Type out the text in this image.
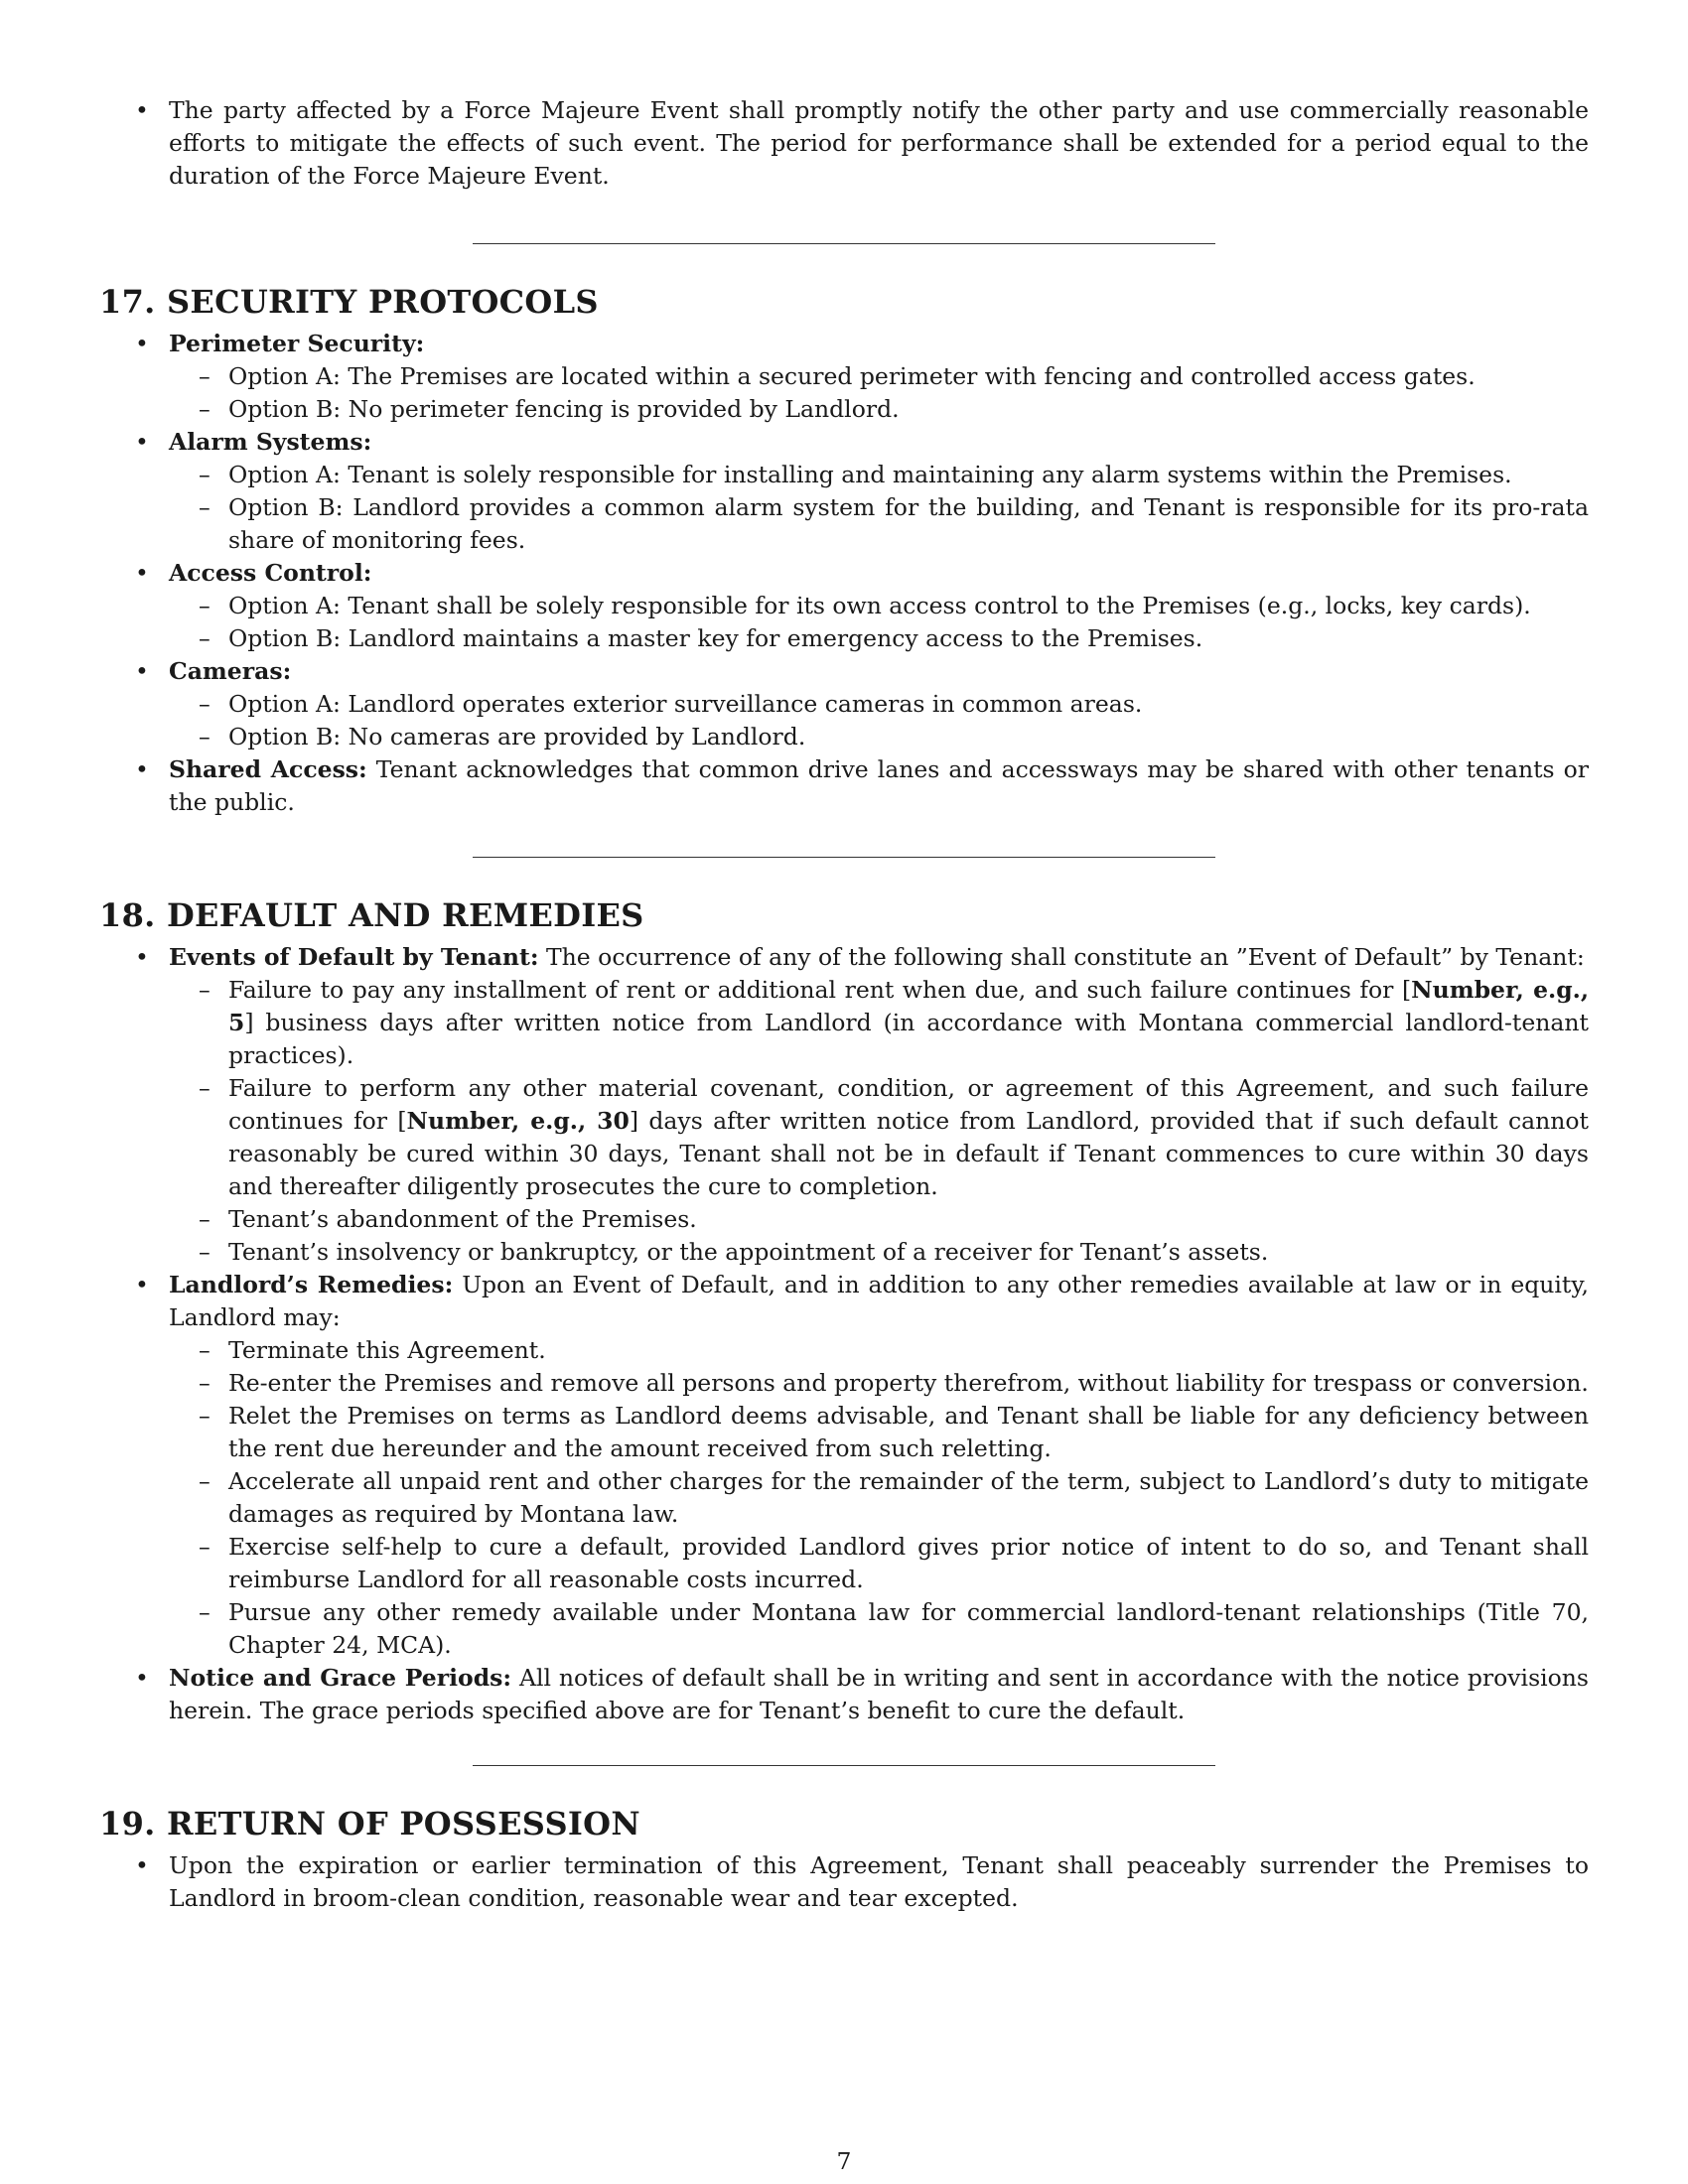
• The party affected by a Force Majeure Event shall promptly notify the other party and use commercially reasonable efforts to mitigate the effects of such event. The period for performance shall be extended for a period equal to the duration of the Force Majeure Event.
17. SECURITY PROTOCOLS
• Perimeter Security:
– Option A: The Premises are located within a secured perimeter with fencing and controlled access gates.
– Option B: No perimeter fencing is provided by Landlord.
• Alarm Systems:
– Option A: Tenant is solely responsible for installing and maintaining any alarm systems within the Premises.
– Option B: Landlord provides a common alarm system for the building, and Tenant is responsible for its pro-rata share of monitoring fees.
• Access Control:
– Option A: Tenant shall be solely responsible for its own access control to the Premises (e.g., locks, key cards).
– Option B: Landlord maintains a master key for emergency access to the Premises.
• Cameras:
– Option A: Landlord operates exterior surveillance cameras in common areas.
– Option B: No cameras are provided by Landlord.
• Shared Access: Tenant acknowledges that common drive lanes and accessways may be shared with other tenants or the public.
18. DEFAULT AND REMEDIES
• Events of Default by Tenant: The occurrence of any of the following shall constitute an ”Event of Default” by Tenant:
– Failure to pay any installment of rent or additional rent when due, and such failure continues for [Number, e.g., 5] business days after written notice from Landlord (in accordance with Montana commercial landlord-tenant practices).
– Failure to perform any other material covenant, condition, or agreement of this Agreement, and such failure continues for [Number, e.g., 30] days after written notice from Landlord, provided that if such default cannot reasonably be cured within 30 days, Tenant shall not be in default if Tenant commences to cure within 30 days and thereafter diligently prosecutes the cure to completion.
– Tenant’s abandonment of the Premises.
– Tenant’s insolvency or bankruptcy, or the appointment of a receiver for Tenant’s assets.
• Landlord’s Remedies: Upon an Event of Default, and in addition to any other remedies available at law or in equity, Landlord may:
– Terminate this Agreement.
– Re-enter the Premises and remove all persons and property therefrom, without liability for trespass or conversion.
– Relet the Premises on terms as Landlord deems advisable, and Tenant shall be liable for any deficiency between the rent due hereunder and the amount received from such reletting.
– Accelerate all unpaid rent and other charges for the remainder of the term, subject to Landlord’s duty to mitigate damages as required by Montana law.
– Exercise self-help to cure a default, provided Landlord gives prior notice of intent to do so, and Tenant shall reimburse Landlord for all reasonable costs incurred.
– Pursue any other remedy available under Montana law for commercial landlord-tenant relationships (Title 70, Chapter 24, MCA).
• Notice and Grace Periods: All notices of default shall be in writing and sent in accordance with the notice provisions herein. The grace periods specified above are for Tenant’s benefit to cure the default.
19. RETURN OF POSSESSION
• Upon the expiration or earlier termination of this Agreement, Tenant shall peaceably surrender the Premises to Landlord in broom-clean condition, reasonable wear and tear excepted.
7
